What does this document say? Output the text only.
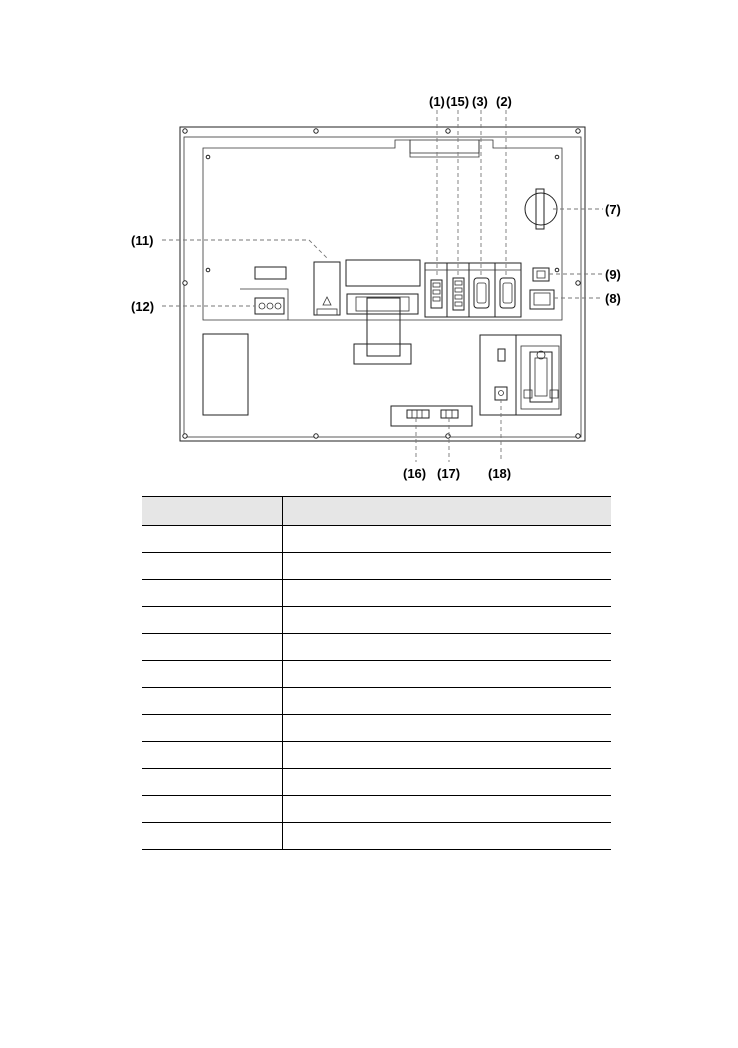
(1) (15) (3) (2)
(7)
(11)
(9)
(12)
(8)
(16) (17) (18)
